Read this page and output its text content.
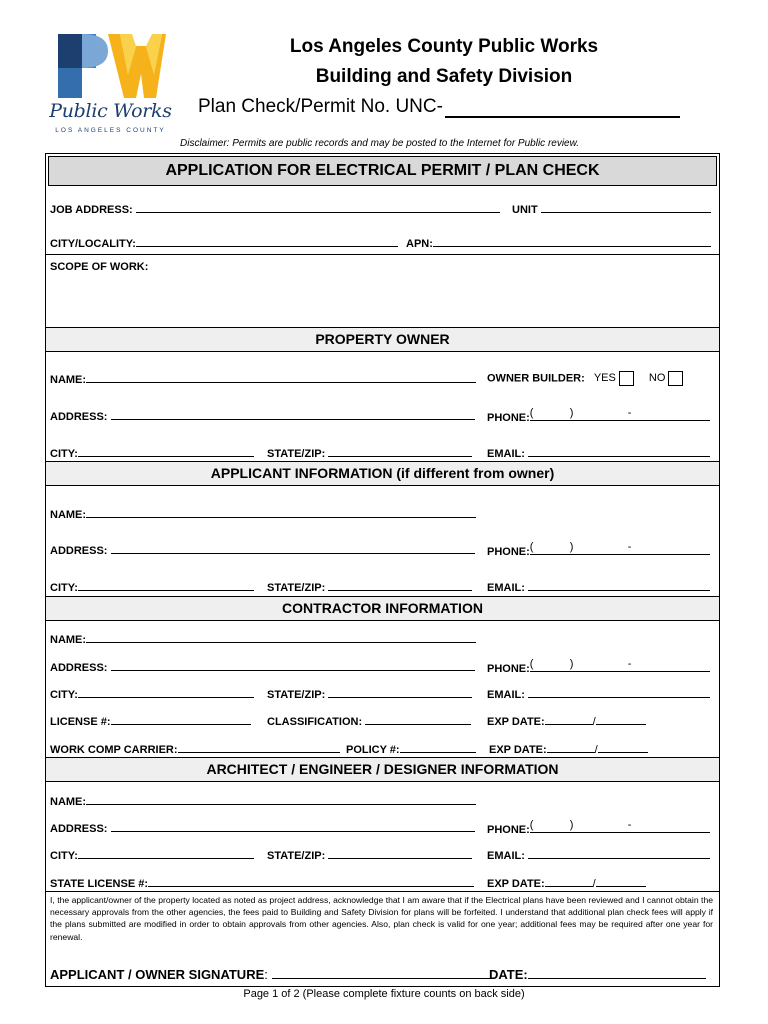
Public Works
LOS ANGELES COUNTY
Los Angeles County Public Works
Building and Safety Division
Plan Check/Permit No. UNC-
Disclaimer: Permits are public records and may be posted to the Internet for Public review.
APPLICATION FOR ELECTRICAL PERMIT / PLAN CHECK
JOB ADDRESS:	UNIT
CITY/LOCALITY:	APN:
SCOPE OF WORK:
PROPERTY OWNER
NAME:	OWNER BUILDER: YES	NO
ADDRESS:	PHONE: (	)	-
CITY:	STATE/ZIP:	EMAIL:
APPLICANT INFORMATION (if different from owner)
NAME:
ADDRESS:	PHONE: (	)	-
CITY:	STATE/ZIP:	EMAIL:
CONTRACTOR INFORMATION
NAME:
ADDRESS:	PHONE: (	)	-
CITY:	STATE/ZIP:	EMAIL:
LICENSE #:	CLASSIFICATION:	EXP DATE:	/
WORK COMP CARRIER:	POLICY #:	EXP DATE:	/
ARCHITECT / ENGINEER / DESIGNER INFORMATION
NAME:
ADDRESS:	PHONE: (	)	-
CITY:	STATE/ZIP:	EMAIL:
STATE LICENSE #:	EXP DATE:	/
I, the applicant/owner of the property located as noted as project address, acknowledge that I am aware that if the Electrical plans have been reviewed and I cannot obtain the necessary approvals from the other agencies, the fees paid to Building and Safety Division for plans will be forfeited. I understand that additional plan check fees will apply if the plans submitted are modified in order to obtain approvals from other agencies. Also, plan check is valid for one year; additional fees may be required after one year for renewal.
APPLICANT / OWNER SIGNATURE:	DATE:
Page 1 of 2 (Please complete fixture counts on back side)
